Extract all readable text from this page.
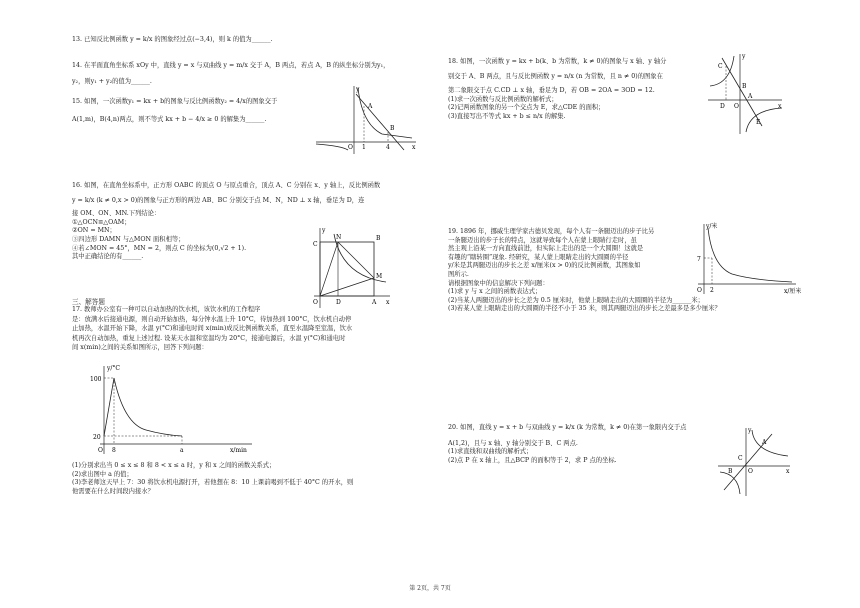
13. 已知反比例函数 y = k/x 的图象经过点(−3,4)，则 k 的值为______.
14. 在平面直角坐标系 xOy 中，直线 y = x 与双曲线 y = m/x 交于 A，B 两点，若点 A，B 的纵坐标分别为y₁，
y₂，则y₁ + y₂的值为______.
15. 如图，一次函数y₁ = kx + b的图象与反比例函数y₂ = 4/x的图象交于
A(1,m)，B(4,n)两点，则不等式 kx + b − 4/x ≥ 0 的解集为______.
16. 如图，在直角坐标系中，正方形 OABC 的顶点 O 与原点重合，顶点 A、C 分别在 x、y 轴上，反比例函数
y = k/x (k ≠ 0,x > 0)的图象与正方形的两边 AB、BC 分别交于点 M、N，ND ⊥ x 轴，垂足为 D，连
接 OM、ON、MN.下列结论：
①△OCN≌△OAM；
②ON = MN；
③四边形 DAMN 与△MON 面积相等；
④若∠MON = 45°，MN = 2，则点 C 的坐标为(0,√2 + 1).
其中正确结论的有______.
三、解答题
17. 教师办公室有一种可以自动加热的饮水机，该饮水机的工作程序
是：放满水后接通电源，则自动开始加热，每分钟水温上升 10°C，待加热到 100°C，饮水机自动停
止加热，水温开始下降，水温 y(°C)和通电时间 x(min)成反比例函数关系，直至水温降至室温，饮水
机再次自动加热，重复上述过程. 设某天水温和室温均为 20°C，接通电源后，水温 y(°C)和通电时
间 x(min)之间的关系如图所示，回答下列问题：
(1)分别求出当 0 ≤ x ≤ 8 和 8 < x ≤ a 时，y 和 x 之间的函数关系式；
(2)求出图中 a 的值；
(3)李老师这天早上 7：30 将饮水机电源打开，若他想在 8：10 上课前喝到不低于 40°C 的开水，则
他需要在什么时间段内接水？
y
A
B
O 1	4	x
y
C
N	B
M
O	D	A x
y/°C
100
20
O 8	a	x/min
18. 如图，一次函数 y = kx + b(k、b 为常数，k ≠ 0)的图象与 x 轴、y 轴分
别交于 A、B 两点，且与反比例函数 y = n/x (n 为常数，且 n ≠ 0)的图象在
第二象限交于点 C.CD ⊥ x 轴，垂足为 D，若 OB = 2OA = 3OD = 12.
(1)求一次函数与反比例函数的解析式；
(2)记两函数图象的另一个交点为 E，求△CDE 的面积；
(3)直接写出不等式 kx + b ≤ n/x 的解集.
19. 1896 年，挪威生理学家古德贝发现，每个人有一条腿迈出的步子比另
一条腿迈出的步子长的特点，这就导致每个人在蒙上眼睛行走时，虽
然主观上沿某一方向直线前进，但实际上走出的是一个大圆圈！这就是
有趣的“瞎转圈”现象. 经研究，某人蒙上眼睛走出的大圆圈的半径
y/米是其两腿迈出的步长之差 x/厘米(x > 0)的反比例函数，其图象如
图所示.
请根据图象中的信息解决下列问题：
(1)求 y 与 x 之间的函数表达式；
(2)当某人两腿迈出的步长之差为 0.5 厘米时，他蒙上眼睛走出的大圆圈的半径为______米；
(3)若某人蒙上眼睛走出的大圆圈的半径不小于 35 米，则其两腿迈出的步长之差最多是多少厘米？
20. 如图，直线 y = x + b 与双曲线 y = k/x (k 为常数，k ≠ 0)在第一象限内交于点
A(1,2)，且与 x 轴、y 轴分别交于 B、C 两点.
(1)求直线和双曲线的解析式；
(2)点 P 在 x 轴上，且△BCP 的面积等于 2，求 P 点的坐标.
y
C
B
A
D O
E
x
y/米
7
O 2	x/厘米
y
A
C
B	O	x
第 2页，共 7页
